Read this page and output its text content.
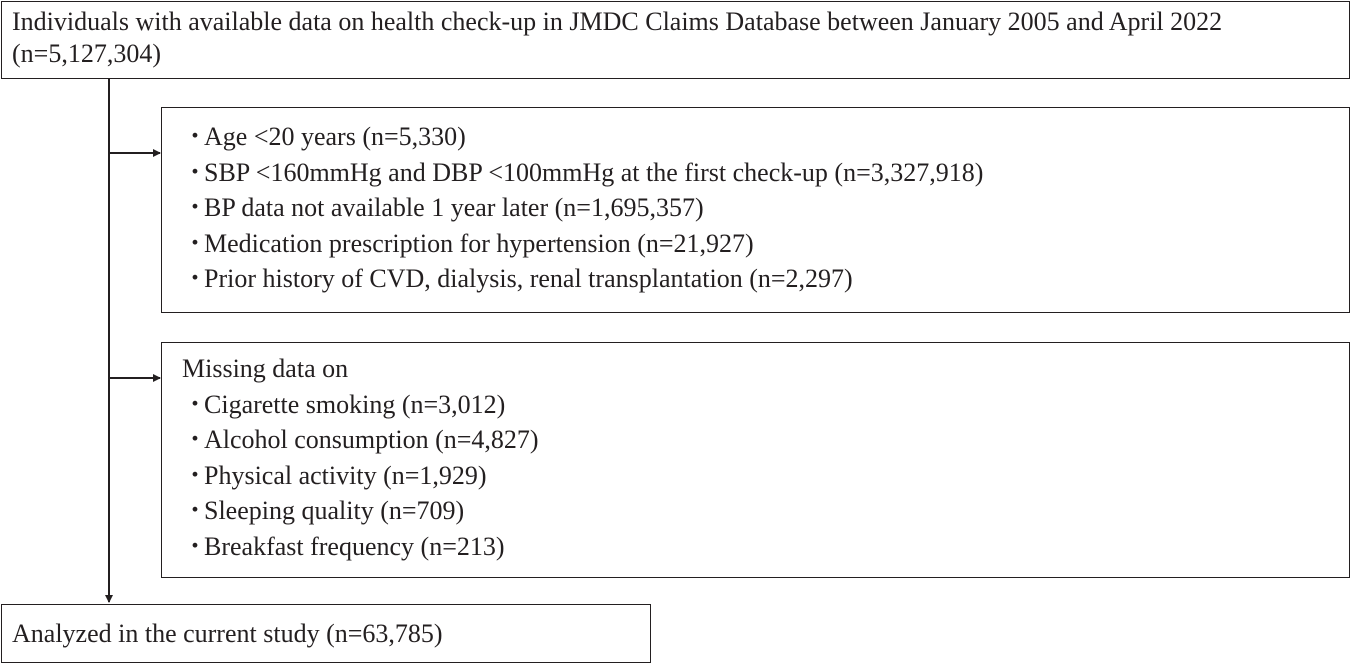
Individuals with available data on health check-up in JMDC Claims Database between January 2005 and April 2022 (n=5,127,304)
・Age <20 years (n=5,330)
・SBP <160mmHg and DBP <100mmHg at the first check-up (n=3,327,918)
・BP data not available 1 year later (n=1,695,357)
・Medication prescription for hypertension (n=21,927)
・Prior history of CVD, dialysis, renal transplantation (n=2,297)
Missing data on
・Cigarette smoking (n=3,012)
・Alcohol consumption (n=4,827)
・Physical activity (n=1,929)
・Sleeping quality (n=709)
・Breakfast frequency (n=213)
Analyzed in the current study (n=63,785)
